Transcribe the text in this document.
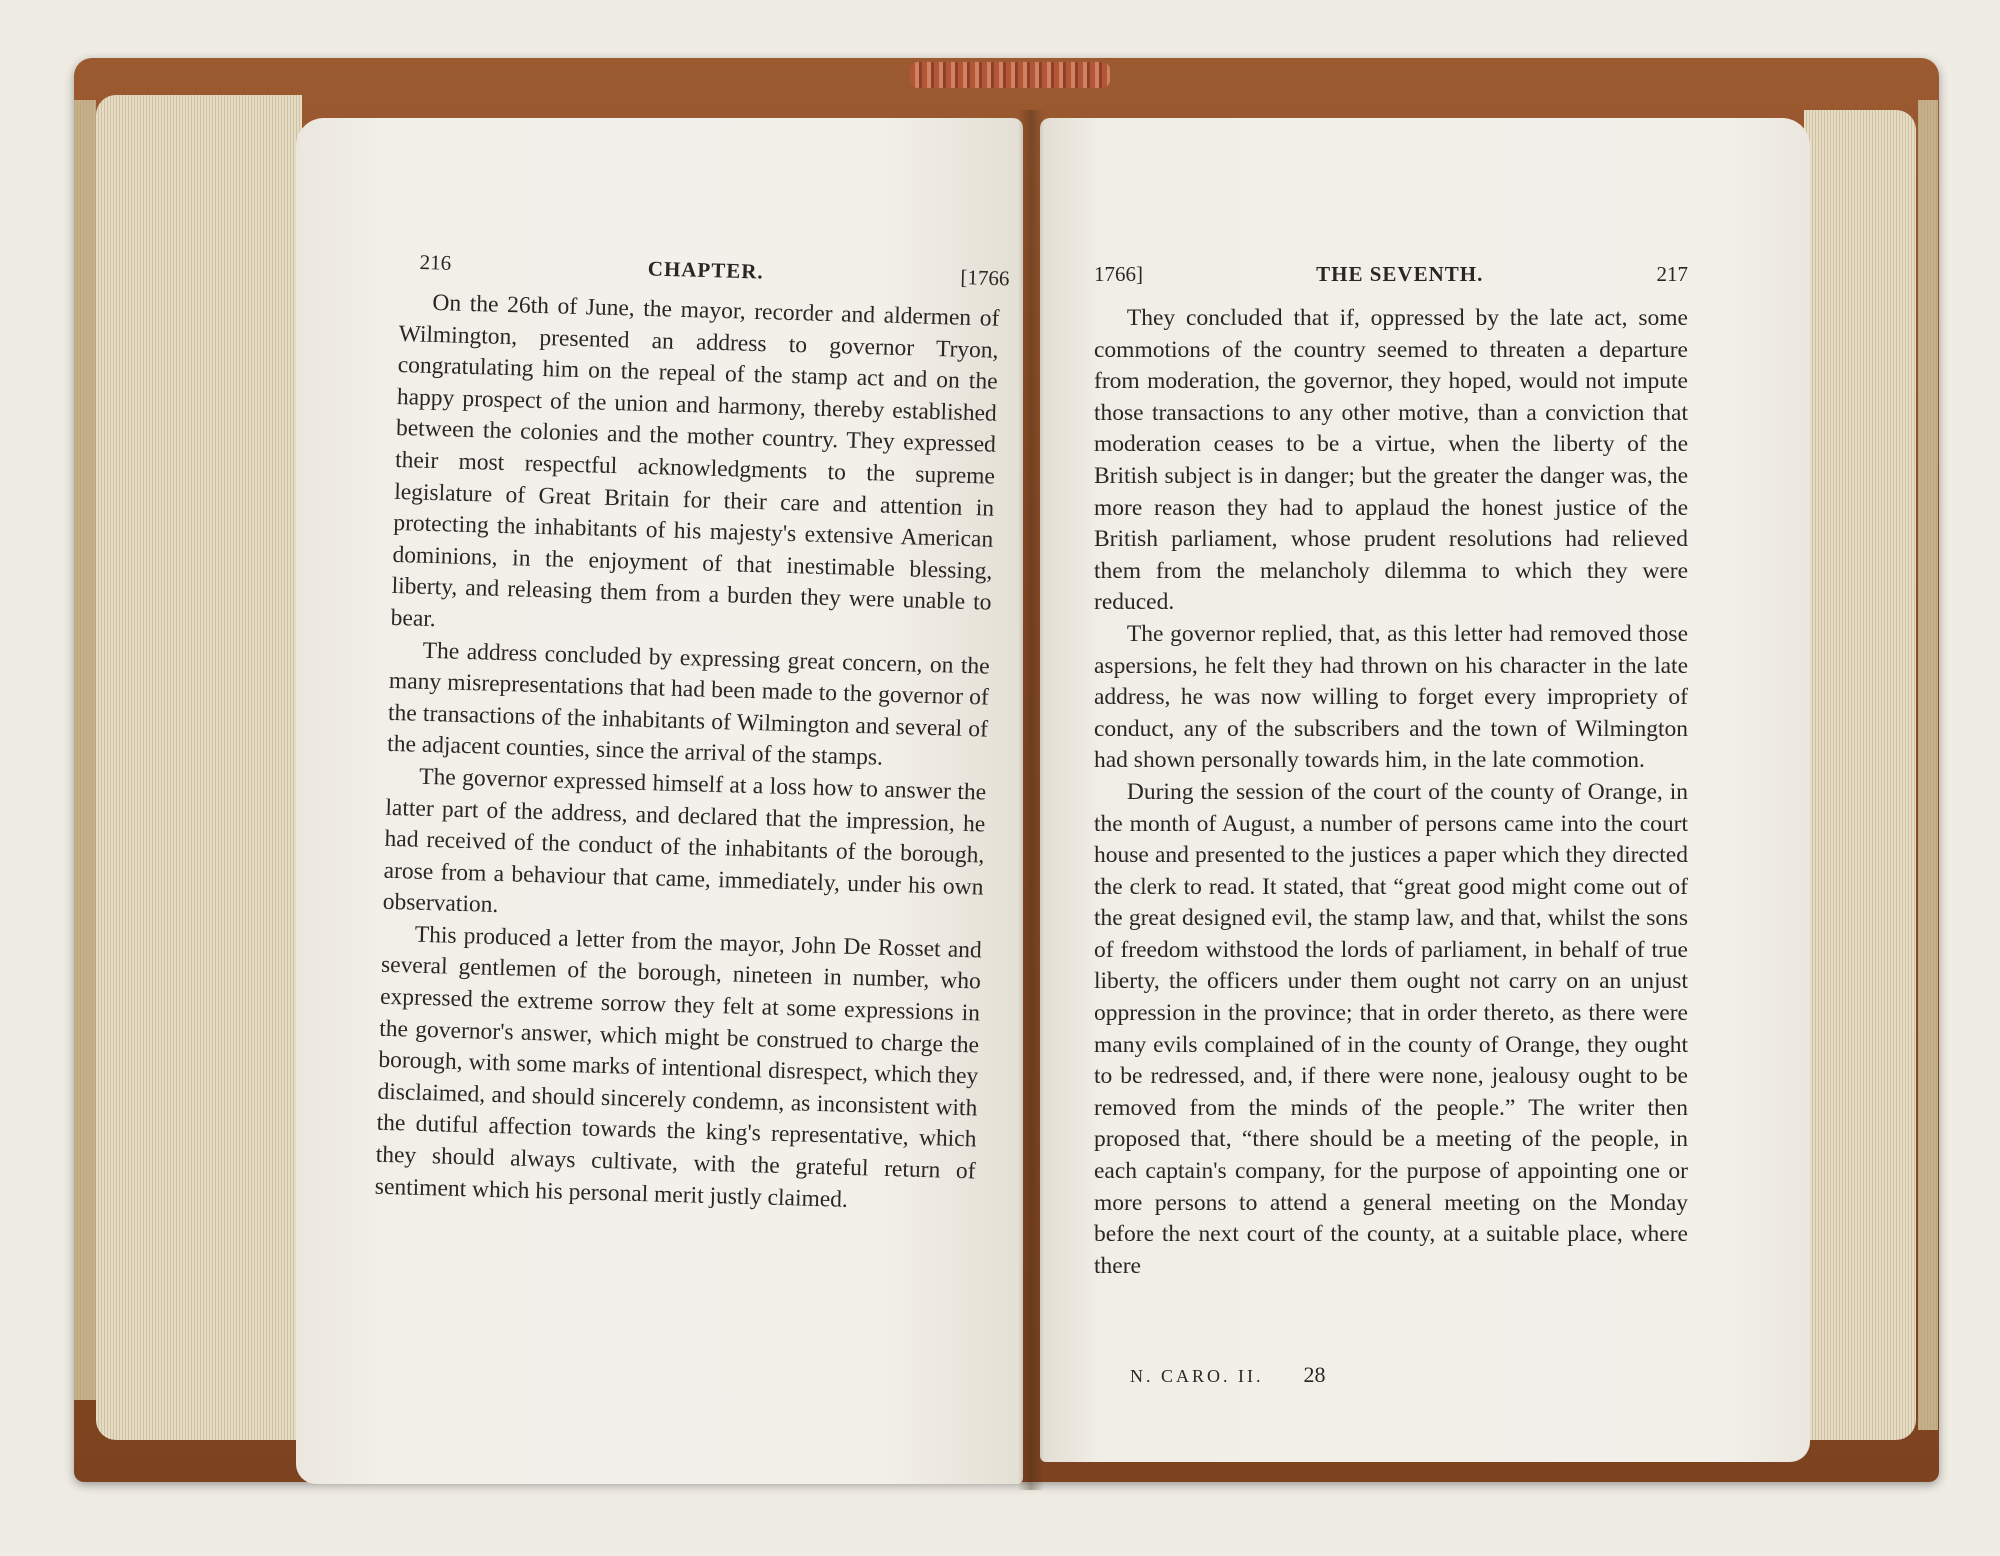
216	CHAPTER.	[1766

On the 26th of June, the mayor, recorder and aldermen of Wilmington, presented an address to governor Tryon, congratulating him on the repeal of the stamp act and on the happy prospect of the union and harmony, thereby established between the colonies and the mother country. They expressed their most respectful acknowledgments to the supreme legislature of Great Britain for their care and attention in protecting the inhabitants of his majesty's extensive American dominions, in the enjoyment of that inestimable blessing, liberty, and releasing them from a burden they were unable to bear.

The address concluded by expressing great concern, on the many misrepresentations that had been made to the governor of the transactions of the inhabitants of Wilmington and several of the adjacent counties, since the arrival of the stamps.

The governor expressed himself at a loss how to answer the latter part of the address, and declared that the impression, he had received of the conduct of the inhabitants of the borough, arose from a behaviour that came, immediately, under his own observation.

This produced a letter from the mayor, John De Rosset and several gentlemen of the borough, nineteen in number, who expressed the extreme sorrow they felt at some expressions in the governor's answer, which might be construed to charge the borough, with some marks of intentional disrespect, which they disclaimed, and should sincerely condemn, as inconsistent with the dutiful affection towards the king's representative, which they should always cultivate, with the grateful return of sentiment which his personal merit justly claimed.

1766]	THE SEVENTH.	217

They concluded that if, oppressed by the late act, some commotions of the country seemed to threaten a departure from moderation, the governor, they hoped, would not impute those transactions to any other motive, than a conviction that moderation ceases to be a virtue, when the liberty of the British subject is in danger; but the greater the danger was, the more reason they had to applaud the honest justice of the British parliament, whose prudent resolutions had relieved them from the melancholy dilemma to which they were reduced.

The governor replied, that, as this letter had removed those aspersions, he felt they had thrown on his character in the late address, he was now willing to forget every impropriety of conduct, any of the subscribers and the town of Wilmington had shown personally towards him, in the late commotion.

During the session of the court of the county of Orange, in the month of August, a number of persons came into the court house and presented to the justices a paper which they directed the clerk to read. It stated, that “great good might come out of the great designed evil, the stamp law, and that, whilst the sons of freedom withstood the lords of parliament, in behalf of true liberty, the officers under them ought not carry on an unjust oppression in the province; that in order thereto, as there were many evils complained of in the county of Orange, they ought to be redressed, and, if there were none, jealousy ought to be removed from the minds of the people.” The writer then proposed that, “there should be a meeting of the people, in each captain's company, for the purpose of appointing one or more persons to attend a general meeting on the Monday before the next court of the county, at a suitable place, where there

N. CARO. II. 28
